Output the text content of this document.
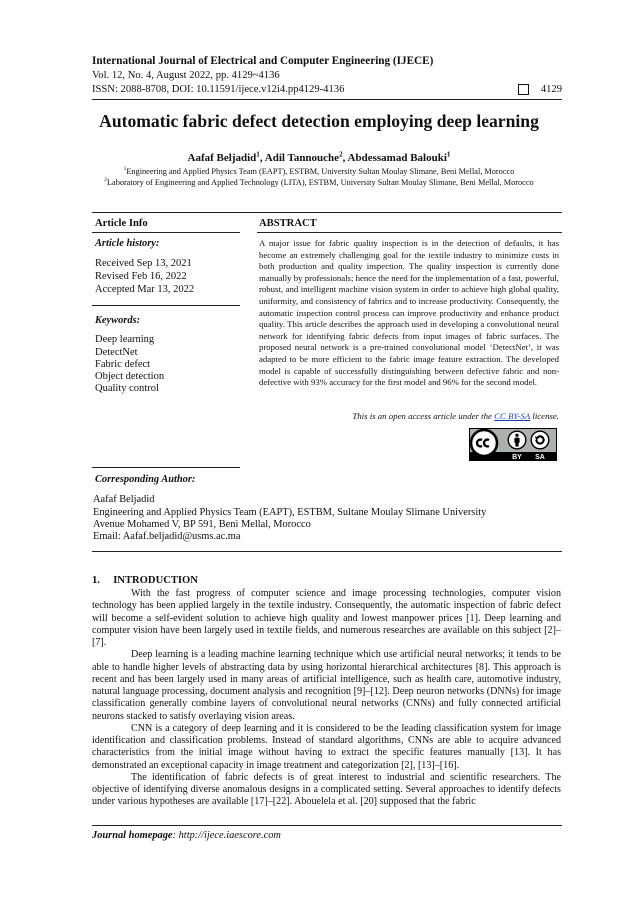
International Journal of Electrical and Computer Engineering (IJECE)
Vol. 12, No. 4, August 2022, pp. 4129~4136
ISSN: 2088-8708, DOI: 10.11591/ijece.v12i4.pp4129-4136	4129
Automatic fabric defect detection employing deep learning
Aafaf Beljadid$^1$, Adil Tannouche$^2$, Abdessamad Balouki$^1$
$^1$Engineering and Applied Physics Team (EAPT), ESTBM, University Sultan Moulay Slimane, Beni Mellal, Morocco
$^2$Laboratory of Engineering and Applied Technology (LITA), ESTBM, University Sultan Moulay Slimane, Beni Mellal, Morocco
Article Info	ABSTRACT
Article history:
Received Sep 13, 2021
Revised Feb 16, 2022
Accepted Mar 13, 2022
Keywords:
Deep learning
DetectNet
Fabric defect
Object detection
Quality control
A major issue for fabric quality inspection is in the detection of defaults, it has become an extremely challenging goal for the textile industry to minimize costs in both production and quality inspection. The quality inspection is currently done manually by professionals; hence the need for the implementation of a fast, powerful, robust, and intelligent machine vision system in order to achieve high global quality, uniformity, and consistency of fabrics and to increase productivity. Consequently, the automatic inspection control process can improve productivity and enhance product quality. This article describes the approach used in developing a convolutional neural network for identifying fabric defects from input images of fabric surfaces. The proposed neural network is a pre-trained convolutional model ‘DetectNet’, it was adapted to be more efficient to the fabric image feature extraction. The developed model is capable of successfully distinguishing between defective fabric and non-defective with 93% accuracy for the first model and 96% for the second model.
This is an open access article under the CC BY-SA license.
BY SA
Corresponding Author:
Aafaf Beljadid
Engineering and Applied Physics Team (EAPT), ESTBM, Sultane Moulay Slimane University
Avenue Mohamed V, BP 591, Beni Mellal, Morocco
Email: Aafaf.beljadid@usms.ac.ma
1.     INTRODUCTION

With the fast progress of computer science and image processing technologies, computer vision technology has been applied largely in the textile industry. Consequently, the automatic inspection of fabric defect will become a self-evident solution to achieve high quality and lowest manpower prices [1]. Deep learning and computer vision have been largely used in textile fields, and numerous researches are available on this subject [2]–[7].

Deep learning is a leading machine learning technique which use artificial neural networks; it tends to be able to handle higher levels of abstracting data by using horizontal hierarchical architectures [8]. This approach is recent and has been largely used in many areas of artificial intelligence, such as health care, automotive industry, natural language processing, document analysis and recognition [9]–[12]. Deep neuron networks (DNNs) for image classification generally combine layers of convolutional neural networks (CNNs) and fully connected artificial neurons stacked to satisfy overlaying vision areas.

CNN is a category of deep learning and it is considered to be the leading classification system for image identification and classification problems. Instead of standard algorithms, CNNs are able to acquire advanced characteristics from the initial image without having to extract the specific features manually [13]. It has demonstrated an exceptional capacity in image treatment and categorization [2], [13]–[16].

The identification of fabric defects is of great interest to industrial and scientific researchers. The objective of identifying diverse anomalous designs in a complicated setting. Several approaches to identify defects under various hypotheses are available [17]–[22]. Abouelela et al. [20] supposed that the fabric

Journal homepage: http://ijece.iaescore.com
